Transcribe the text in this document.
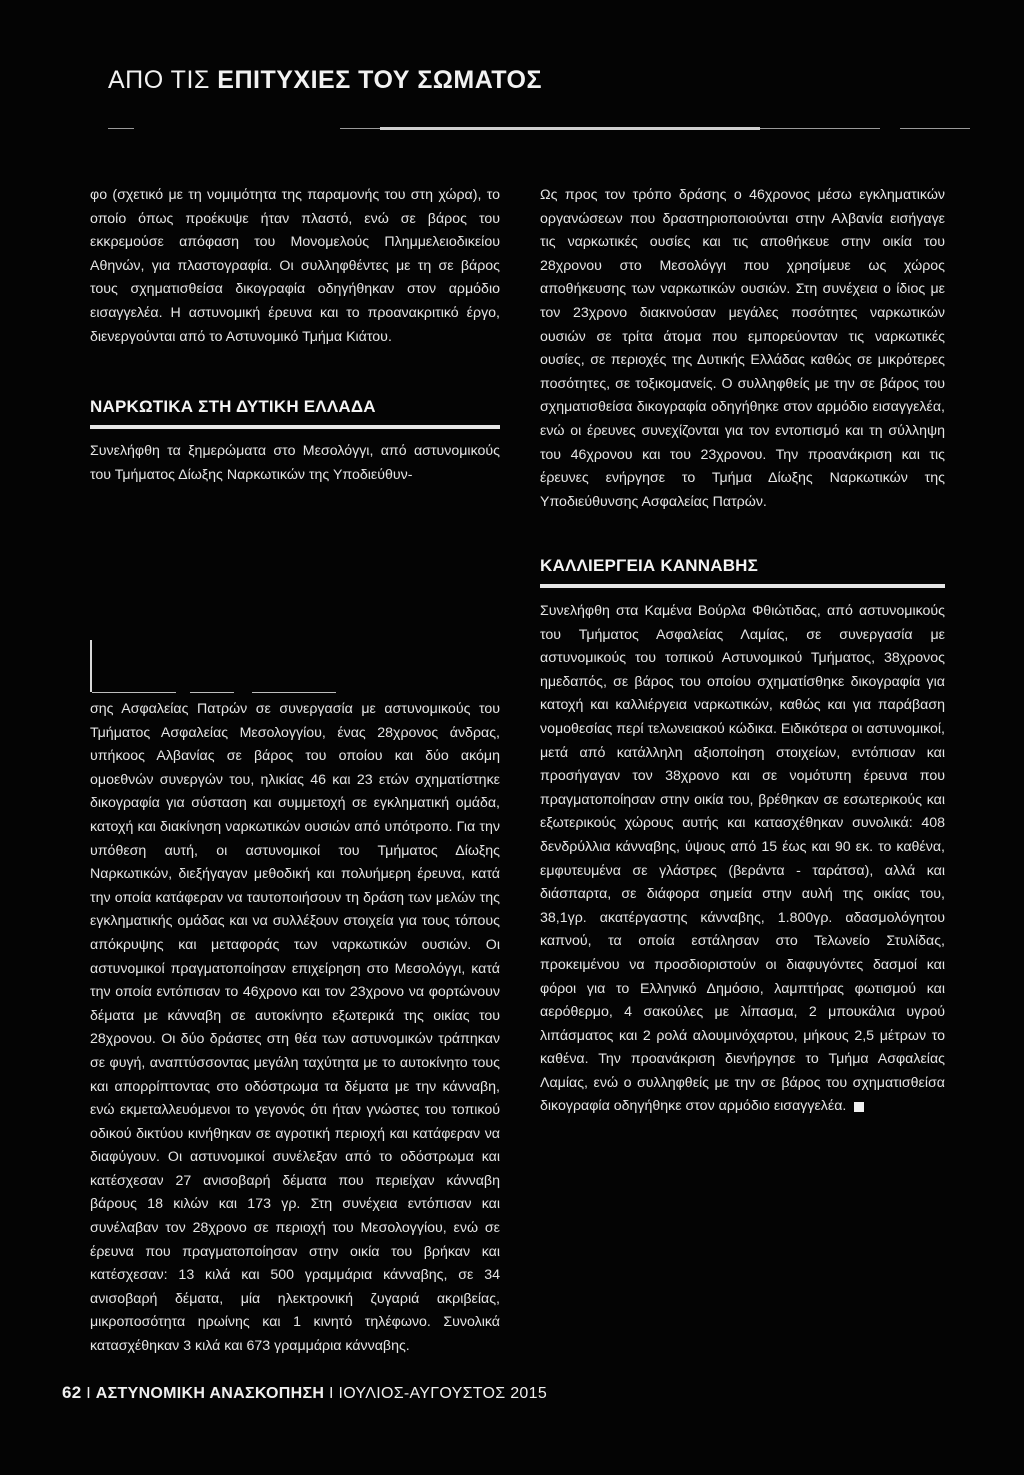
ΑΠΟ ΤΙΣ ΕΠΙΤΥΧΙΕΣ ΤΟΥ ΣΩΜΑΤΟΣ

φο (σχετικό με τη νομιμότητα της παραμονής του στη χώρα), το οποίο όπως προέκυψε ήταν πλαστό, ενώ σε βάρος του εκκρεμούσε απόφαση του Μονομελούς Πλημμελειοδικείου Αθηνών, για πλαστογραφία. Οι συλληφθέντες με τη σε βάρος τους σχηματισθείσα δικογραφία οδηγήθηκαν στον αρμόδιο εισαγγελέα. Η αστυνομική έρευνα και το προανακριτικό έργο, διενεργούνται από το Αστυνομικό Τμήμα Κιάτου.

ΝΑΡΚΩΤΙΚΑ ΣΤΗ ΔΥΤΙΚΗ ΕΛΛΑΔΑ

Συνελήφθη τα ξημερώματα στο Μεσολόγγι, από αστυνομικούς του Τμήματος Δίωξης Ναρκωτικών της Υποδιεύθυν-

σης Ασφαλείας Πατρών σε συνεργασία με αστυνομικούς του Τμήματος Ασφαλείας Μεσολογγίου, ένας 28χρονος άνδρας, υπήκοος Αλβανίας σε βάρος του οποίου και δύο ακόμη ομοεθνών συνεργών του, ηλικίας 46 και 23 ετών σχηματίστηκε δικογραφία για σύσταση και συμμετοχή σε εγκληματική ομάδα, κατοχή και διακίνηση ναρκωτικών ουσιών από υπότροπο. Για την υπόθεση αυτή, οι αστυνομικοί του Τμήματος Δίωξης Ναρκωτικών, διεξήγαγαν μεθοδική και πολυήμερη έρευνα, κατά την οποία κατάφεραν να ταυτοποιήσουν τη δράση των μελών της εγκληματικής ομάδας και να συλλέξουν στοιχεία για τους τόπους απόκρυψης και μεταφοράς των ναρκωτικών ουσιών. Οι αστυνομικοί πραγματοποίησαν επιχείρηση στο Μεσολόγγι, κατά την οποία εντόπισαν το 46χρονο και τον 23χρονο να φορτώνουν δέματα με κάνναβη σε αυτοκίνητο εξωτερικά της οικίας του 28χρονου. Οι δύο δράστες στη θέα των αστυνομικών τράπηκαν σε φυγή, αναπτύσσοντας μεγάλη ταχύτητα με το αυτοκίνητο τους και απορρίπτοντας στο οδόστρωμα τα δέματα με την κάνναβη, ενώ εκμεταλλευόμενοι το γεγονός ότι ήταν γνώστες του τοπικού οδικού δικτύου κινήθηκαν σε αγροτική περιοχή και κατάφεραν να διαφύγουν. Οι αστυνομικοί συνέλεξαν από το οδόστρωμα και κατέσχεσαν 27 ανισοβαρή δέματα που περιείχαν κάνναβη βάρους 18 κιλών και 173 γρ. Στη συνέχεια εντόπισαν και συνέλαβαν τον 28χρονο σε περιοχή του Μεσολογγίου, ενώ σε έρευνα που πραγματοποίησαν στην οικία του βρήκαν και κατέσχεσαν: 13 κιλά και 500 γραμμάρια κάνναβης, σε 34 ανισοβαρή δέματα, μία ηλεκτρονική ζυγαριά ακριβείας, μικροποσότητα ηρωίνης και 1 κινητό τηλέφωνο. Συνολικά κατασχέθηκαν 3 κιλά και 673 γραμμάρια κάνναβης.

Ως προς τον τρόπο δράσης ο 46χρονος μέσω εγκληματικών οργανώσεων που δραστηριοποιούνται στην Αλβανία εισήγαγε τις ναρκωτικές ουσίες και τις αποθήκευε στην οικία του 28χρονου στο Μεσολόγγι που χρησίμευε ως χώρος αποθήκευσης των ναρκωτικών ουσιών. Στη συνέχεια ο ίδιος με τον 23χρονο διακινούσαν μεγάλες ποσότητες ναρκωτικών ουσιών σε τρίτα άτομα που εμπορεύονταν τις ναρκωτικές ουσίες, σε περιοχές της Δυτικής Ελλάδας καθώς σε μικρότερες ποσότητες, σε τοξικομανείς. Ο συλληφθείς με την σε βάρος του σχηματισθείσα δικογραφία οδηγήθηκε στον αρμόδιο εισαγγελέα, ενώ οι έρευνες συνεχίζονται για τον εντοπισμό και τη σύλληψη του 46χρονου και του 23χρονου. Την προανάκριση και τις έρευνες ενήργησε το Τμήμα Δίωξης Ναρκωτικών της Υποδιεύθυνσης Ασφαλείας Πατρών.

ΚΑΛΛΙΕΡΓΕΙΑ ΚΑΝΝΑΒΗΣ

Συνελήφθη στα Καμένα Βούρλα Φθιώτιδας, από αστυνομικούς του Τμήματος Ασφαλείας Λαμίας, σε συνεργασία με αστυνομικούς του τοπικού Αστυνομικού Τμήματος, 38χρονος ημεδαπός, σε βάρος του οποίου σχηματίσθηκε δικογραφία για κατοχή και καλλιέργεια ναρκωτικών, καθώς και για παράβαση νομοθεσίας περί τελωνειακού κώδικα. Ειδικότερα οι αστυνομικοί, μετά από κατάλληλη αξιοποίηση στοιχείων, εντόπισαν και προσήγαγαν τον 38χρονο και σε νομότυπη έρευνα που πραγματοποίησαν στην οικία του, βρέθηκαν σε εσωτερικούς και εξωτερικούς χώρους αυτής και κατασχέθηκαν συνολικά: 408 δενδρύλλια κάνναβης, ύψους από 15 έως και 90 εκ. το καθένα, εμφυτευμένα σε γλάστρες (βεράντα - ταράτσα), αλλά και διάσπαρτα, σε διάφορα σημεία στην αυλή της οικίας του, 38,1γρ. ακατέργαστης κάνναβης, 1.800γρ. αδασμολόγητου καπνού, τα οποία εστάλησαν στο Τελωνείο Στυλίδας, προκειμένου να προσδιοριστούν οι διαφυγόντες δασμοί και φόροι για το Ελληνικό Δημόσιο, λαμπτήρας φωτισμού και αερόθερμο, 4 σακούλες με λίπασμα, 2 μπουκάλια υγρού λιπάσματος και 2 ρολά αλουμινόχαρτου, μήκους 2,5 μέτρων το καθένα. Την προανάκριση διενήργησε το Τμήμα Ασφαλείας Λαμίας, ενώ ο συλληφθείς με την σε βάρος του σχηματισθείσα δικογραφία οδηγήθηκε στον αρμόδιο εισαγγελέα.

62 I ΑΣΤΥΝΟΜΙΚΗ ΑΝΑΣΚΟΠΗΣΗ I ΙΟΥΛΙΟΣ-ΑΥΓΟΥΣΤΟΣ 2015
